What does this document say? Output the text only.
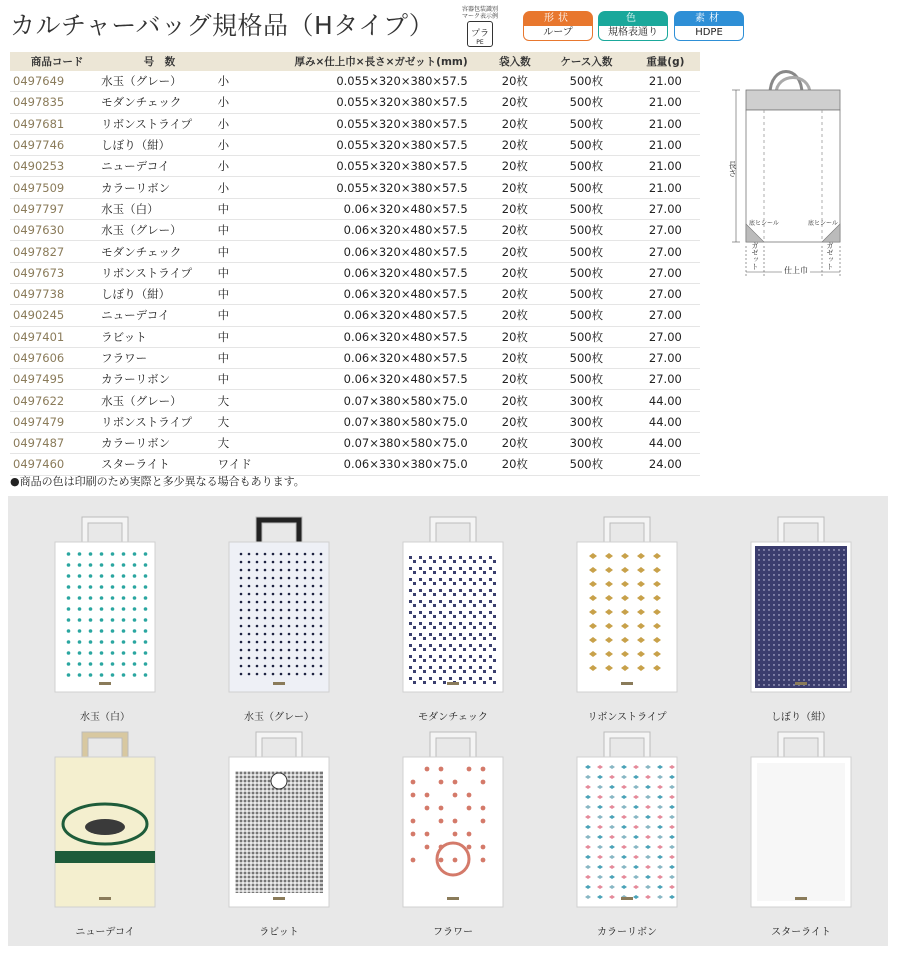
カルチャーバッグ規格品（Hタイプ）
容器包装識別マーク表示例
プラ
PE
形状
ループ
色
規格表通り
素材
HDPE
商品コード	号　数		厚み×仕上巾×長さ×ガゼット(mm)	袋入数	ケース入数	重量(g)
0497649	水玉（グレー）	小	0.055×320×380×57.5	20枚	500枚	21.00
0497835	モダンチェック	小	0.055×320×380×57.5	20枚	500枚	21.00
0497681	リボンストライプ	小	0.055×320×380×57.5	20枚	500枚	21.00
0497746	しぼり（紺）	小	0.055×320×380×57.5	20枚	500枚	21.00
0490253	ニューデコイ	小	0.055×320×380×57.5	20枚	500枚	21.00
0497509	カラーリボン	小	0.055×320×380×57.5	20枚	500枚	21.00
0497797	水玉（白）	中	0.06×320×480×57.5	20枚	500枚	27.00
0497630	水玉（グレー）	中	0.06×320×480×57.5	20枚	500枚	27.00
0497827	モダンチェック	中	0.06×320×480×57.5	20枚	500枚	27.00
0497673	リボンストライプ	中	0.06×320×480×57.5	20枚	500枚	27.00
0497738	しぼり（紺）	中	0.06×320×480×57.5	20枚	500枚	27.00
0490245	ニューデコイ	中	0.06×320×480×57.5	20枚	500枚	27.00
0497401	ラビット	中	0.06×320×480×57.5	20枚	500枚	27.00
0497606	フラワー	中	0.06×320×480×57.5	20枚	500枚	27.00
0497495	カラーリボン	中	0.06×320×480×57.5	20枚	500枚	27.00
0497622	水玉（グレー）	大	0.07×380×580×75.0	20枚	300枚	44.00
0497479	リボンストライプ	大	0.07×380×580×75.0	20枚	300枚	44.00
0497487	カラーリボン	大	0.07×380×580×75.0	20枚	300枚	44.00
0497460	スターライト	ワイド	0.06×330×380×75.0	20枚	500枚	24.00
●商品の色は印刷のため実際と多少異なる場合もあります。
長さ
底ヒシール	底ヒシール
ガゼット	ガゼット
仕上巾
水玉（白）	水玉（グレー）	モダンチェック	リボンストライプ	しぼり（紺）
ニューデコイ	ラビット	フラワー	カラーリボン	スターライト
